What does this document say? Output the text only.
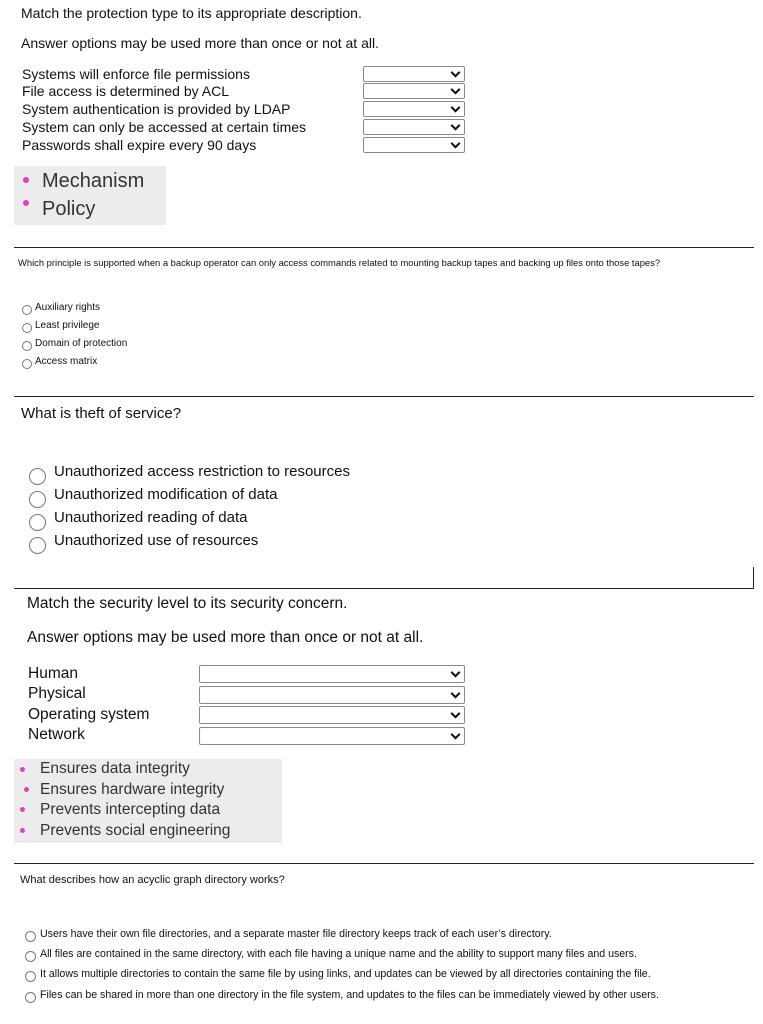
Match the protection type to its appropriate description.
Answer options may be used more than once or not at all.
Systems will enforce file permissions
File access is determined by ACL
System authentication is provided by LDAP
System can only be accessed at certain times
Passwords shall expire every 90 days
Mechanism
Policy
Which principle is supported when a backup operator can only access commands related to mounting backup tapes and backing up files onto those tapes?
Auxiliary rights
Least privilege
Domain of protection
Access matrix
What is theft of service?
Unauthorized access restriction to resources
Unauthorized modification of data
Unauthorized reading of data
Unauthorized use of resources
Match the security level to its security concern.
Answer options may be used more than once or not at all.
Human
Physical
Operating system
Network
Ensures data integrity
Ensures hardware integrity
Prevents intercepting data
Prevents social engineering
What describes how an acyclic graph directory works?
Users have their own file directories, and a separate master file directory keeps track of each user’s directory.
All files are contained in the same directory, with each file having a unique name and the ability to support many files and users.
It allows multiple directories to contain the same file by using links, and updates can be viewed by all directories containing the file.
Files can be shared in more than one directory in the file system, and updates to the files can be immediately viewed by other users.
